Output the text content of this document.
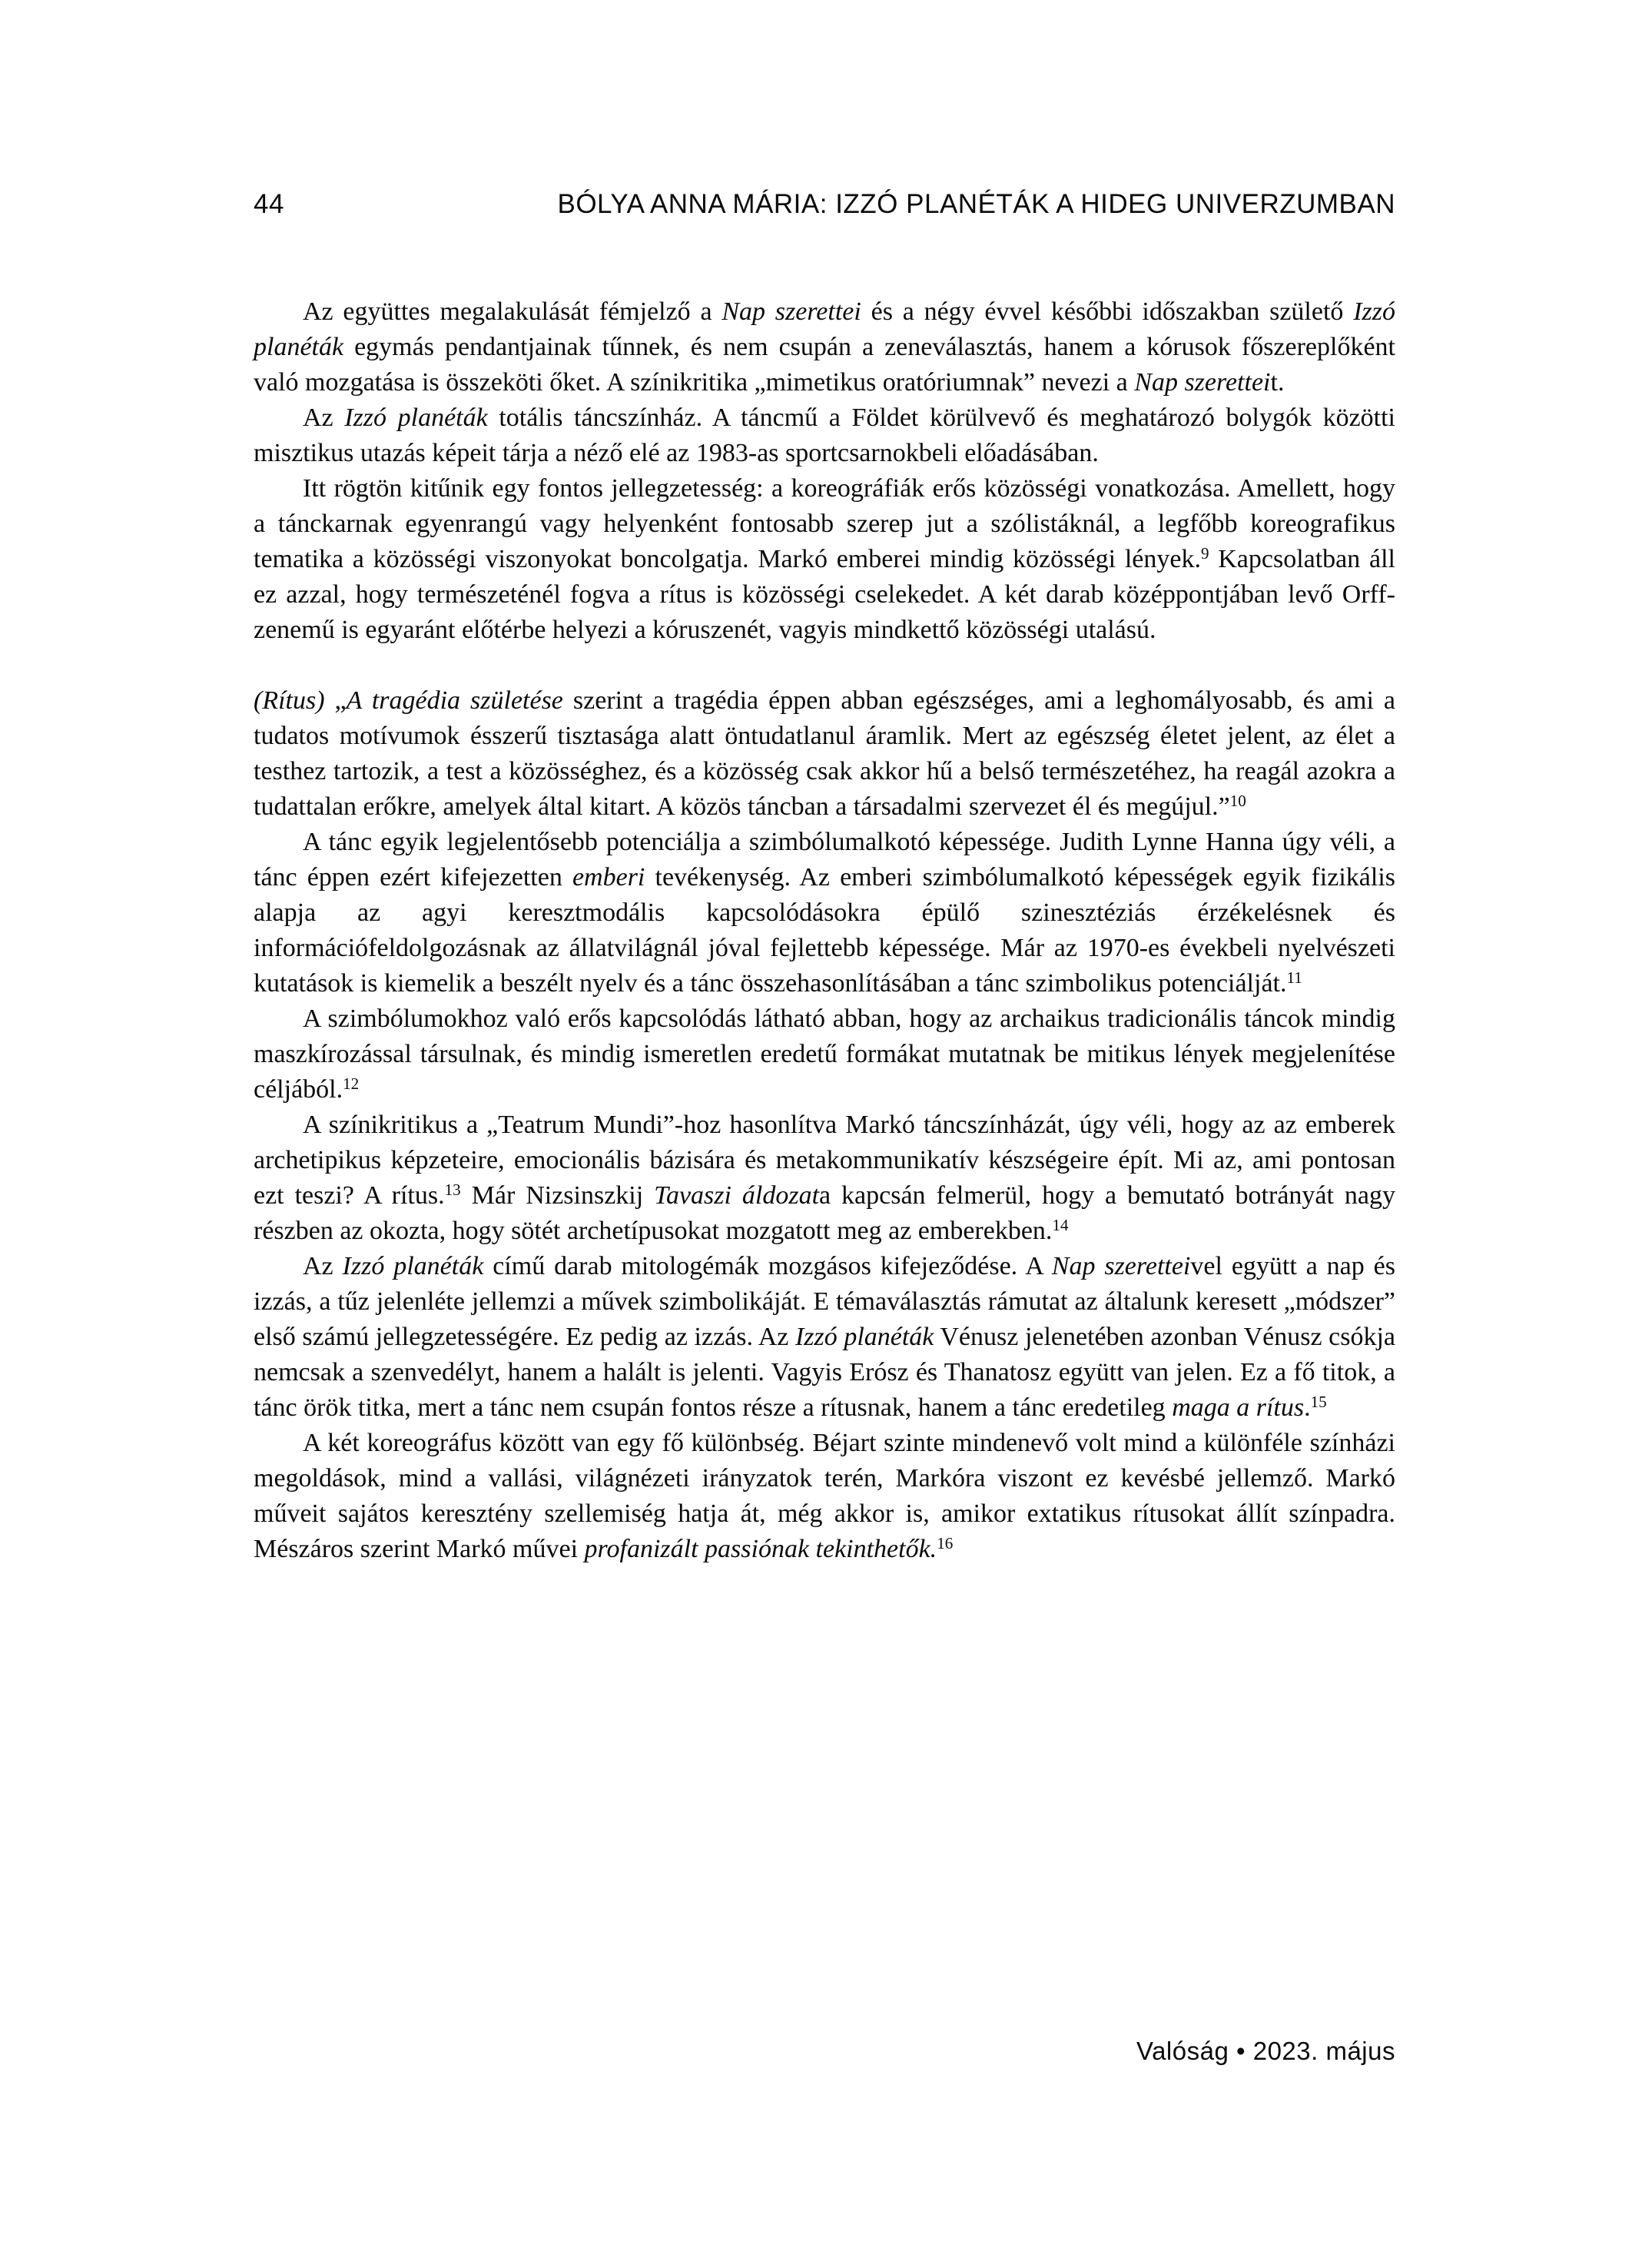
44	BÓLYA ANNA MÁRIA: IZZÓ PLANÉTÁK A HIDEG UNIVERZUMBAN

Az együttes megalakulását fémjelző a Nap szerettei és a négy évvel későbbi időszakban születő Izzó planéták egymás pendantjainak tűnnek, és nem csupán a zeneválasztás, hanem a kórusok főszereplőként való mozgatása is összeköti őket. A színikritika „mimetikus oratóriumnak” nevezi a Nap szeretteit.

Az Izzó planéták totális táncszínház. A táncmű a Földet körülvevő és meghatározó bolygók közötti misztikus utazás képeit tárja a néző elé az 1983-as sportcsarnokbeli előadásában.

Itt rögtön kitűnik egy fontos jellegzetesség: a koreográfiák erős közösségi vonatkozása. Amellett, hogy a tánckarnak egyenrangú vagy helyenként fontosabb szerep jut a szólistáknál, a legfőbb koreografikus tematika a közösségi viszonyokat boncolgatja. Markó emberei mindig közösségi lények.$^9$ Kapcsolatban áll ez azzal, hogy természeténél fogva a rítus is közösségi cselekedet. A két darab középpontjában levő Orff-zenemű is egyaránt előtérbe helyezi a kóruszenét, vagyis mindkettő közösségi utalású.

(Rítus) „A tragédia születése szerint a tragédia éppen abban egészséges, ami a leghomályosabb, és ami a tudatos motívumok ésszerű tisztasága alatt öntudatlanul áramlik. Mert az egészség életet jelent, az élet a testhez tartozik, a test a közösséghez, és a közösség csak akkor hű a belső természetéhez, ha reagál azokra a tudattalan erőkre, amelyek által kitart. A közös táncban a társadalmi szervezet él és megújul.”$^{10}$

A tánc egyik legjelentősebb potenciálja a szimbólumalkotó képessége. Judith Lynne Hanna úgy véli, a tánc éppen ezért kifejezetten emberi tevékenység. Az emberi szimbólumalkotó képességek egyik fizikális alapja az agyi keresztmodális kapcsolódásokra épülő szinesztéziás érzékelésnek és információfeldolgozásnak az állatvilágnál jóval fejlettebb képessége. Már az 1970-es évekbeli nyelvészeti kutatások is kiemelik a beszélt nyelv és a tánc összehasonlításában a tánc szimbolikus potenciálját.$^{11}$

A szimbólumokhoz való erős kapcsolódás látható abban, hogy az archaikus tradicionális táncok mindig maszkírozással társulnak, és mindig ismeretlen eredetű formákat mutatnak be mitikus lények megjelenítése céljából.$^{12}$

A színikritikus a „Teatrum Mundi”-hoz hasonlítva Markó táncszínházát, úgy véli, hogy az az emberek archetipikus képzeteire, emocionális bázisára és metakommunikatív készségeire épít. Mi az, ami pontosan ezt teszi? A rítus.$^{13}$ Már Nizsinszkij Tavaszi áldozata kapcsán felmerül, hogy a bemutató botrányát nagy részben az okozta, hogy sötét archetípusokat mozgatott meg az emberekben.$^{14}$

Az Izzó planéták című darab mitologémák mozgásos kifejeződése. A Nap szeretteivel együtt a nap és izzás, a tűz jelenléte jellemzi a művek szimbolikáját. E témaválasztás rámutat az általunk keresett „módszer” első számú jellegzetességére. Ez pedig az izzás. Az Izzó planéták Vénusz jelenetében azonban Vénusz csókja nemcsak a szenvedélyt, hanem a halált is jelenti. Vagyis Erósz és Thanatosz együtt van jelen. Ez a fő titok, a tánc örök titka, mert a tánc nem csupán fontos része a rítusnak, hanem a tánc eredetileg maga a rítus.$^{15}$

A két koreográfus között van egy fő különbség. Béjart szinte mindenevő volt mind a különféle színházi megoldások, mind a vallási, világnézeti irányzatok terén, Markóra viszont ez kevésbé jellemző. Markó műveit sajátos keresztény szellemiség hatja át, még akkor is, amikor extatikus rítusokat állít színpadra. Mészáros szerint Markó művei profanizált passiónak tekinthetők.$^{16}$

Valóság • 2023. május
